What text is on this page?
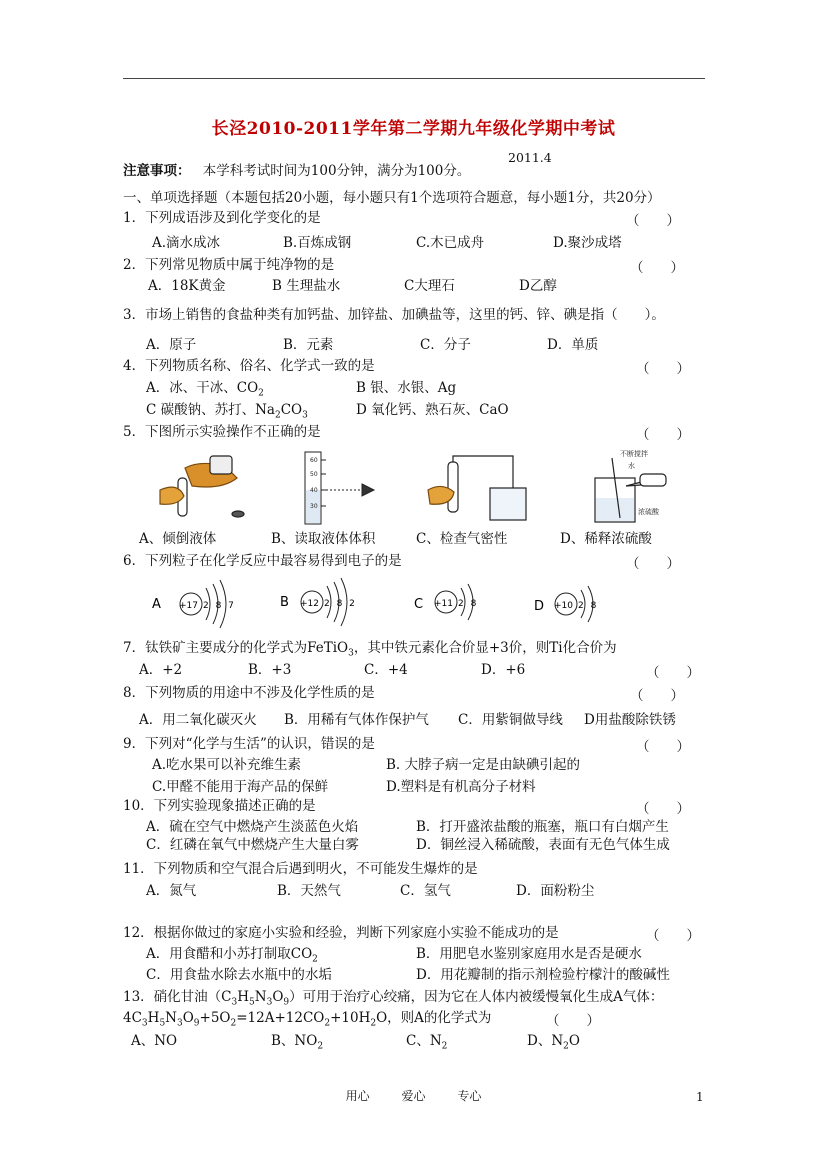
长泾2010-2011学年第二学期九年级化学期中考试
2011.4
注意事项： 本学科考试时间为100分钟，满分为100分。
一、单项选择题（本题包括20小题，每小题只有1个选项符合题意，每小题1分，共20分）
1．下列成语涉及到化学变化的是	（　　）
A.滴水成冰	B.百炼成钢	C.木已成舟	D.聚沙成塔
2．下列常见物质中属于纯净物的是	（　　）
A．18K黄金	B 生理盐水	C大理石	D乙醇
3．市场上销售的食盐种类有加钙盐、加锌盐、加碘盐等，这里的钙、锌、碘是指（　　）。
A．原子	B．元素	C．分子	D．单质
4．下列物质名称、俗名、化学式一致的是	（　　）
A．冰、干冰、$CO_2$	B 银、水银、Ag
C 碳酸钠、苏打、$Na_2CO_3$	D 氧化钙、熟石灰、CaO
5．下图所示实验操作不正确的是	（　　）
60
50
40
30
不断搅拌
水
浓硫酸
A、倾倒液体	B、读取液体体积	C、检查气密性	D、稀释浓硫酸
6．下列粒子在化学反应中最容易得到电子的是	（　　）
A +17 2 8 7	B +12 2 8 2	C +11 2 8	D +10 2 8
7．钛铁矿主要成分的化学式为FeTiO$_3$，其中铁元素化合价显+3价，则Ti化合价为
A．+2	B．+3	C．+4	D．+6	（　　）
8．下列物质的用途中不涉及化学性质的是	（　　）
A．用二氧化碳灭火 B．用稀有气体作保护气 C．用紫铜做导线 D用盐酸除铁锈
9．下列对“化学与生活”的认识，错误的是	（　　）
A.吃水果可以补充维生素	B. 大脖子病一定是由缺碘引起的
C.甲醛不能用于海产品的保鲜	D.塑料是有机高分子材料
10．下列实验现象描述正确的是	（　　）
A．硫在空气中燃烧产生淡蓝色火焰	B．打开盛浓盐酸的瓶塞，瓶口有白烟产生
C．红磷在氧气中燃烧产生大量白雾	D．铜丝浸入稀硫酸，表面有无色气体生成
11．下列物质和空气混合后遇到明火，不可能发生爆炸的是
A．氮气	B．天然气	C．氢气	D．面粉粉尘
12．根据你做过的家庭小实验和经验，判断下列家庭小实验不能成功的是	（　　）
A．用食醋和小苏打制取$CO_2$	B．用肥皂水鉴别家庭用水是否是硬水
C．用食盐水除去水瓶中的水垢	D．用花瓣制的指示剂检验柠檬汁的酸碱性
13．硝化甘油$(C_3H_5N_3O_9)$可用于治疗心绞痛，因为它在人体内被缓慢氧化生成A气体：
$4C_3H_5N_3O_9+5O_2=12A+12CO_2+10H_2O$，则A的化学式为	（　　）
A、NO	B、$NO_2$	C、$N_2$	D、$N_2O$
用心	爱心	专心	1
